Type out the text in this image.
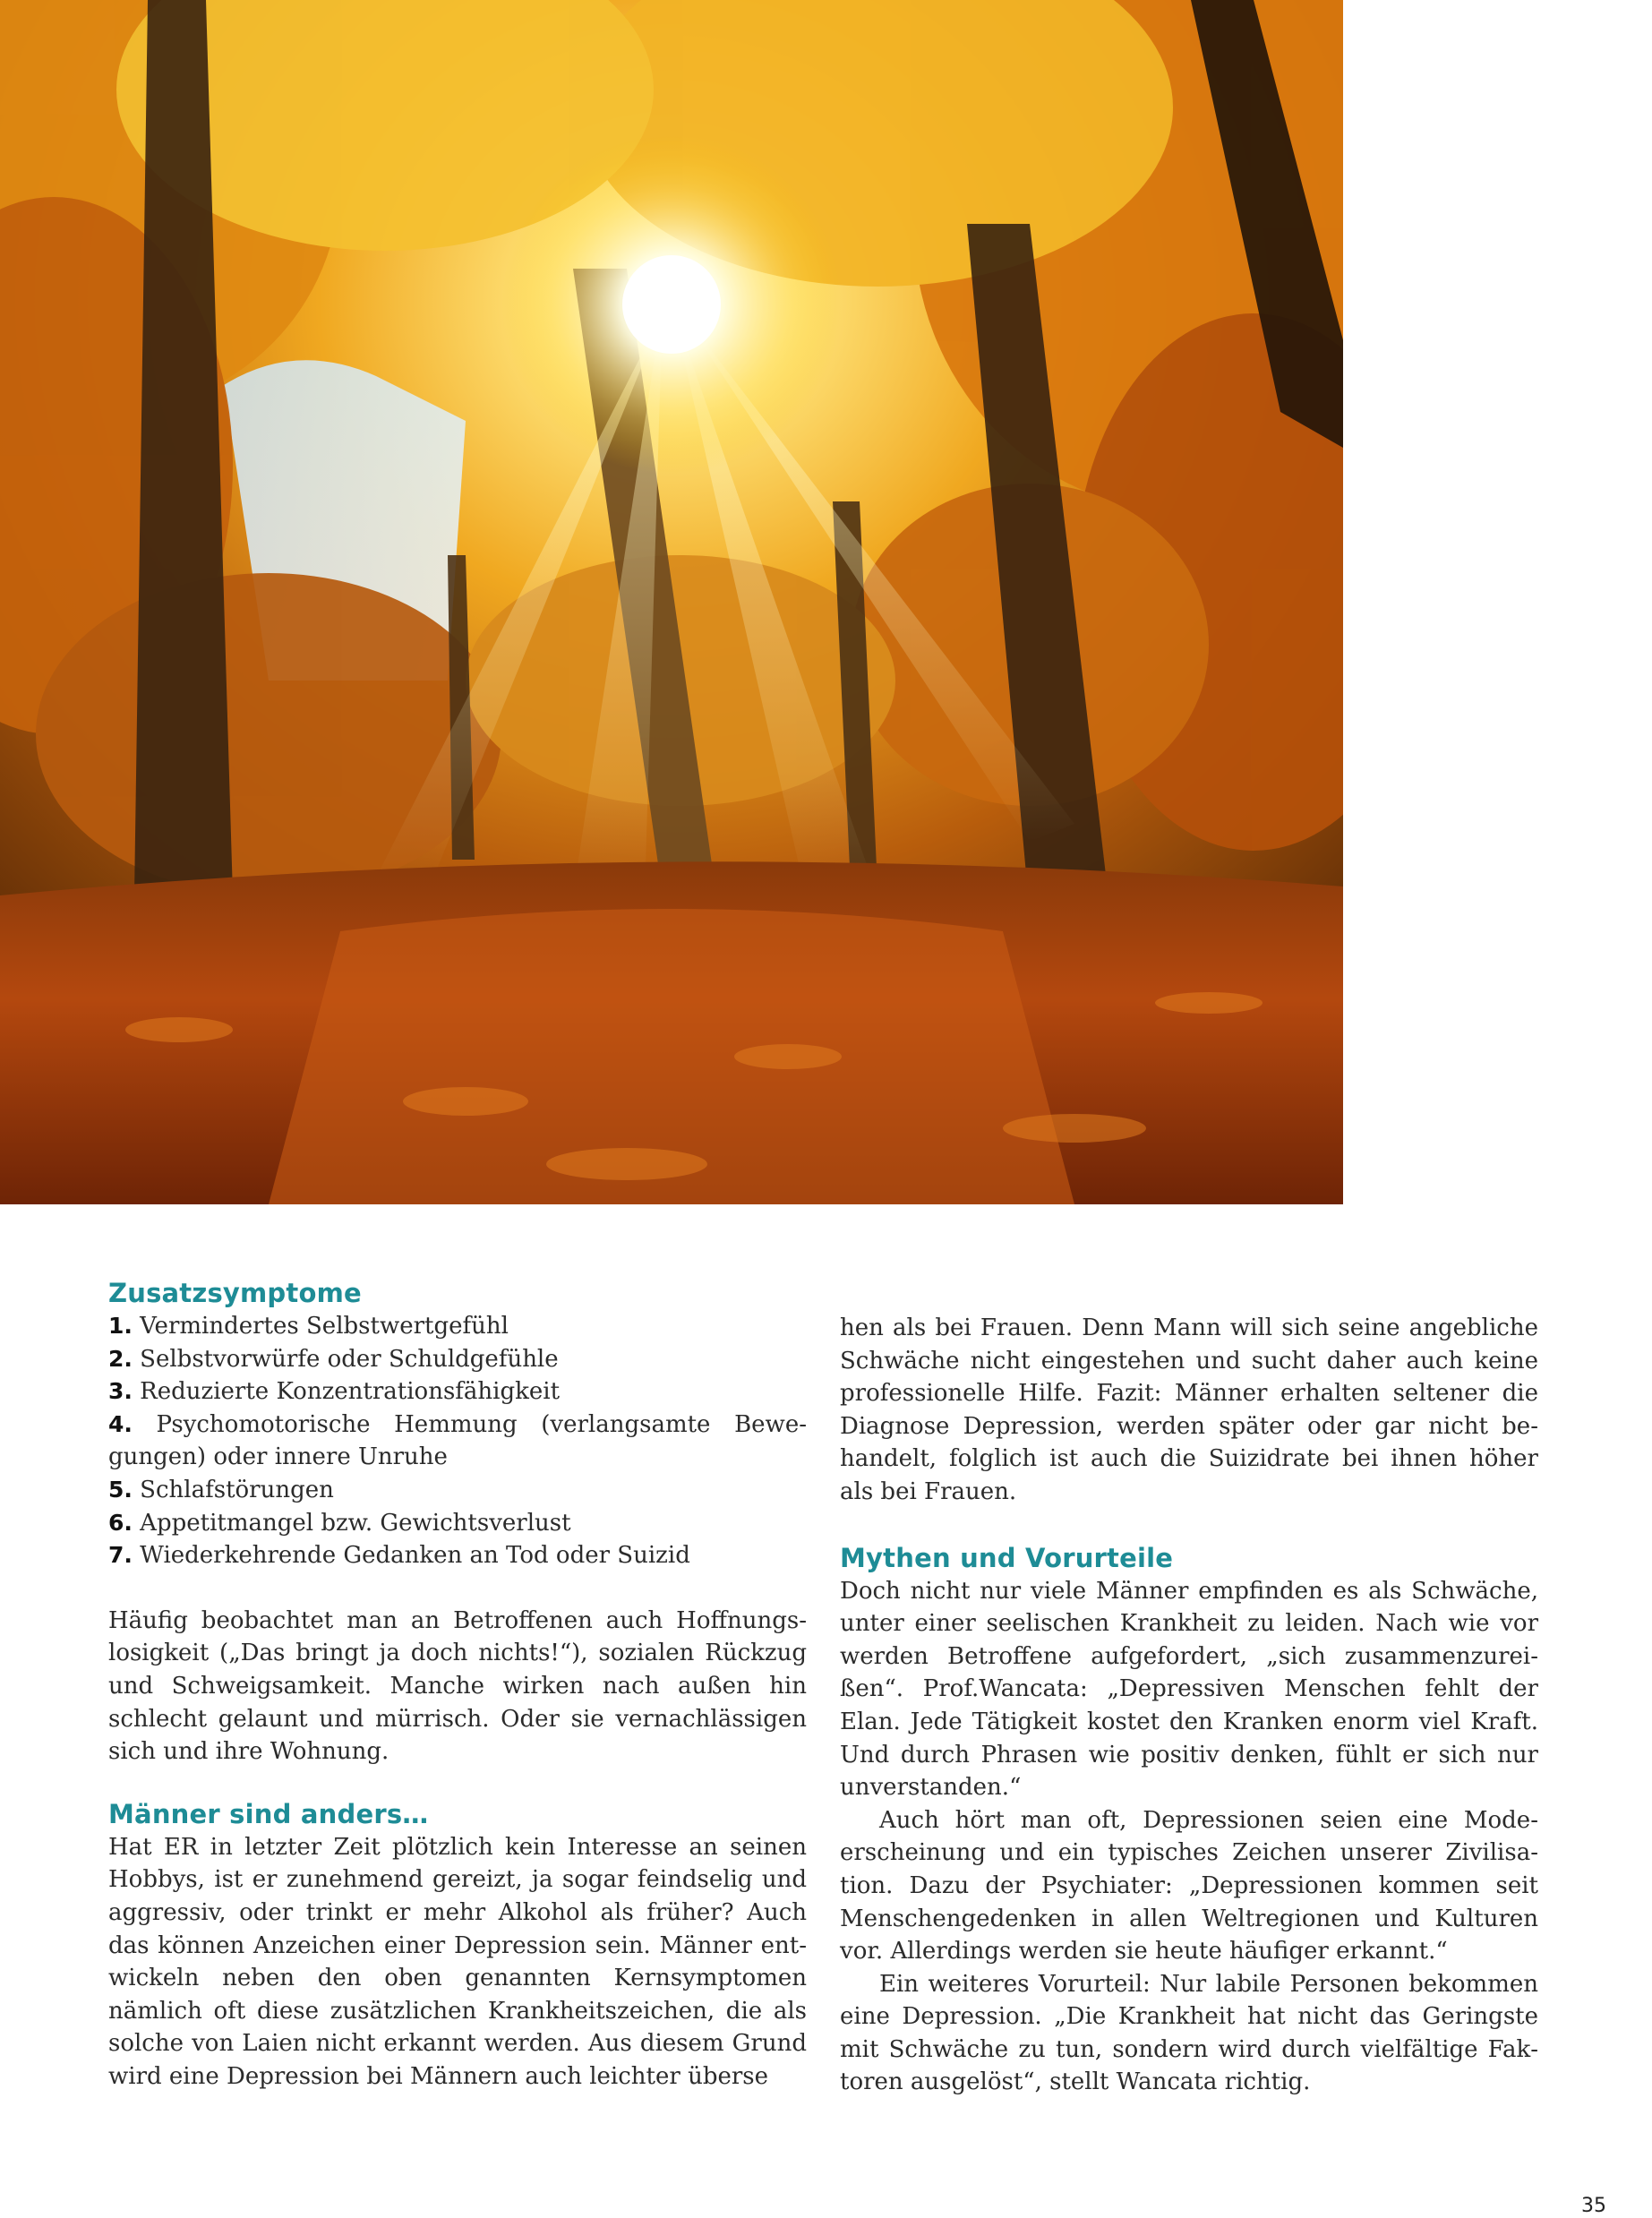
Zusatzsymptome
1. Vermindertes Selbstwertgefühl
2. Selbstvorwürfe oder Schuldgefühle
3. Reduzierte Konzentrationsfähigkeit
4. Psychomotorische Hemmung (verlangsamte Bewegungen) oder innere Unruhe
5. Schlafstörungen
6. Appetitmangel bzw. Gewichtsverlust
7. Wiederkehrende Gedanken an Tod oder Suizid

Häufig beobachtet man an Betroffenen auch Hoffnungslosigkeit („Das bringt ja doch nichts!“), sozialen Rückzug und Schweigsamkeit. Manche wirken nach außen hin schlecht gelaunt und mürrisch. Oder sie vernachlässigen sich und ihre Wohnung.

Männer sind anders…

Hat ER in letzter Zeit plötzlich kein Interesse an seinen Hobbys, ist er zunehmend gereizt, ja sogar feindselig und aggressiv, oder trinkt er mehr Alkohol als früher? Auch das können Anzeichen einer Depression sein. Männer entwickeln neben den oben genannten Kernsymptomen nämlich oft diese zusätzlichen Krankheitszeichen, die als solche von Laien nicht erkannt werden. Aus diesem Grund wird eine Depression bei Männern auch leichter überse

hen als bei Frauen. Denn Mann will sich seine angebliche Schwäche nicht eingestehen und sucht daher auch keine professionelle Hilfe. Fazit: Männer erhalten seltener die Diagnose Depression, werden später oder gar nicht behandelt, folglich ist auch die Suizidrate bei ihnen höher als bei Frauen.

Mythen und Vorurteile

Doch nicht nur viele Männer empfinden es als Schwäche, unter einer seelischen Krankheit zu leiden. Nach wie vor werden Betroffene aufgefordert, „sich zusammenzureißen“. Prof.Wancata: „Depressiven Menschen fehlt der Elan. Jede Tätigkeit kostet den Kranken enorm viel Kraft. Und durch Phrasen wie positiv denken, fühlt er sich nur unverstanden.“

Auch hört man oft, Depressionen seien eine Modeerscheinung und ein typisches Zeichen unserer Zivilisation. Dazu der Psychiater: „Depressionen kommen seit Menschengedenken in allen Weltregionen und Kulturen vor. Allerdings werden sie heute häufiger erkannt.“

Ein weiteres Vorurteil: Nur labile Personen bekommen eine Depression. „Die Krankheit hat nicht das Geringste mit Schwäche zu tun, sondern wird durch vielfältige Faktoren ausgelöst“, stellt Wancata richtig.

35
